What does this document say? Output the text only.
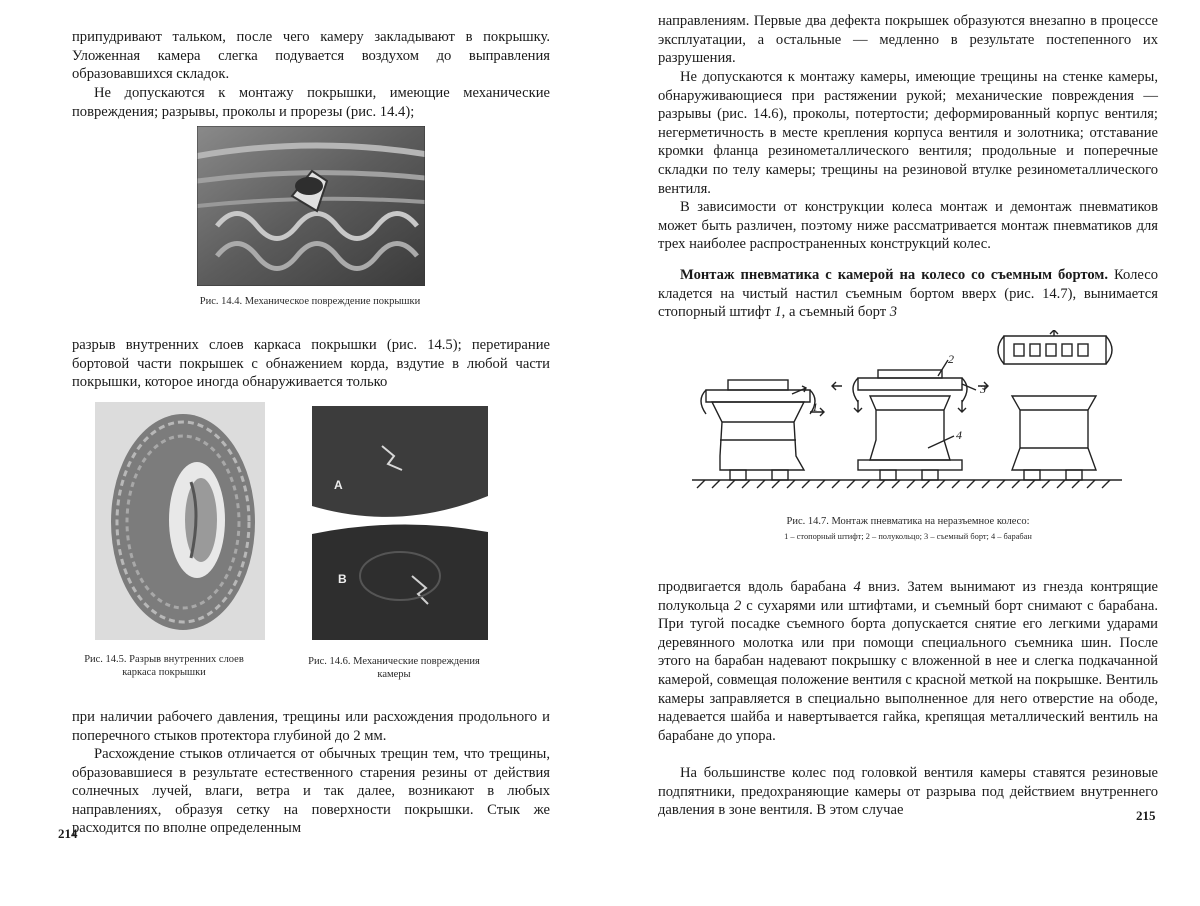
припудривают тальком, после чего камеру закладывают в покрышку. Уложенная камера слегка подувается воздухом до выправления образовавшихся складок.

Не допускаются к монтажу покрышки, имеющие механические повреждения; разрывы, проколы и прорезы (рис. 14.4);

Рис. 14.4. Механическое повреждение покрышки

разрыв внутренних слоев каркаса покрышки (рис. 14.5); перетирание бортовой части покрышек с обнажением корда, вздутие в любой части покрышки, которое иногда обнаруживается только

А
В
Рис. 14.5. Разрыв внутренних слоев каркаса покрышки
Рис. 14.6. Механические повреждения камеры

при наличии рабочего давления, трещины или расхождения продольного и поперечного стыков протектора глубиной до 2 мм.

Расхождение стыков отличается от обычных трещин тем, что трещины, образовавшиеся в результате естественного старения резины от действия солнечных лучей, влаги, ветра и так далее, возникают в любых направлениях, образуя сетку на поверхности покрышки. Стык же расходится по вполне определенным

214

направлениям. Первые два дефекта покрышек образуются внезапно в процессе эксплуатации, а остальные — медленно в результате постепенного их разрушения.

Не допускаются к монтажу камеры, имеющие трещины на стенке камеры, обнаруживающиеся при растяжении рукой; механические повреждения — разрывы (рис. 14.6), проколы, потертости; деформированный корпус вентиля; негерметичность в месте крепления корпуса вентиля и золотника; отставание кромки фланца резинометаллического вентиля; продольные и поперечные складки по телу камеры; трещины на резиновой втулке резинометаллического вентиля.

В зависимости от конструкции колеса монтаж и демонтаж пневматиков может быть различен, поэтому ниже рассматривается монтаж пневматиков для трех наиболее распространенных конструкций колес.

Монтаж пневматика с камерой на колесо со съемным бортом. Колесо кладется на чистый настил съемным бортом вверх (рис. 14.7), вынимается стопорный штифт 1, а съемный борт 3

1
2
3
4
Рис. 14.7. Монтаж пневматика на неразъемное колесо:
1 – стопорный штифт; 2 – полукольцо; 3 – съемный борт; 4 – барабан

продвигается вдоль барабана 4 вниз. Затем вынимают из гнезда контрящие полукольца 2 с сухарями или штифтами, и съемный борт снимают с барабана. При тугой посадке съемного борта допускается снятие его легкими ударами деревянного молотка или при помощи специального съемника шин. После этого на барабан надевают покрышку с вложенной в нее и слегка подкачанной камерой, совмещая положение вентиля с красной меткой на покрышке. Вентиль камеры заправляется в специально выполненное для него отверстие на ободе, надевается шайба и навертывается гайка, крепящая металлический вентиль на барабане до упора.

На большинстве колес под головкой вентиля камеры ставятся резиновые подпятники, предохраняющие камеры от разрыва под действием внутреннего давления в зоне вентиля. В этом случае	215
